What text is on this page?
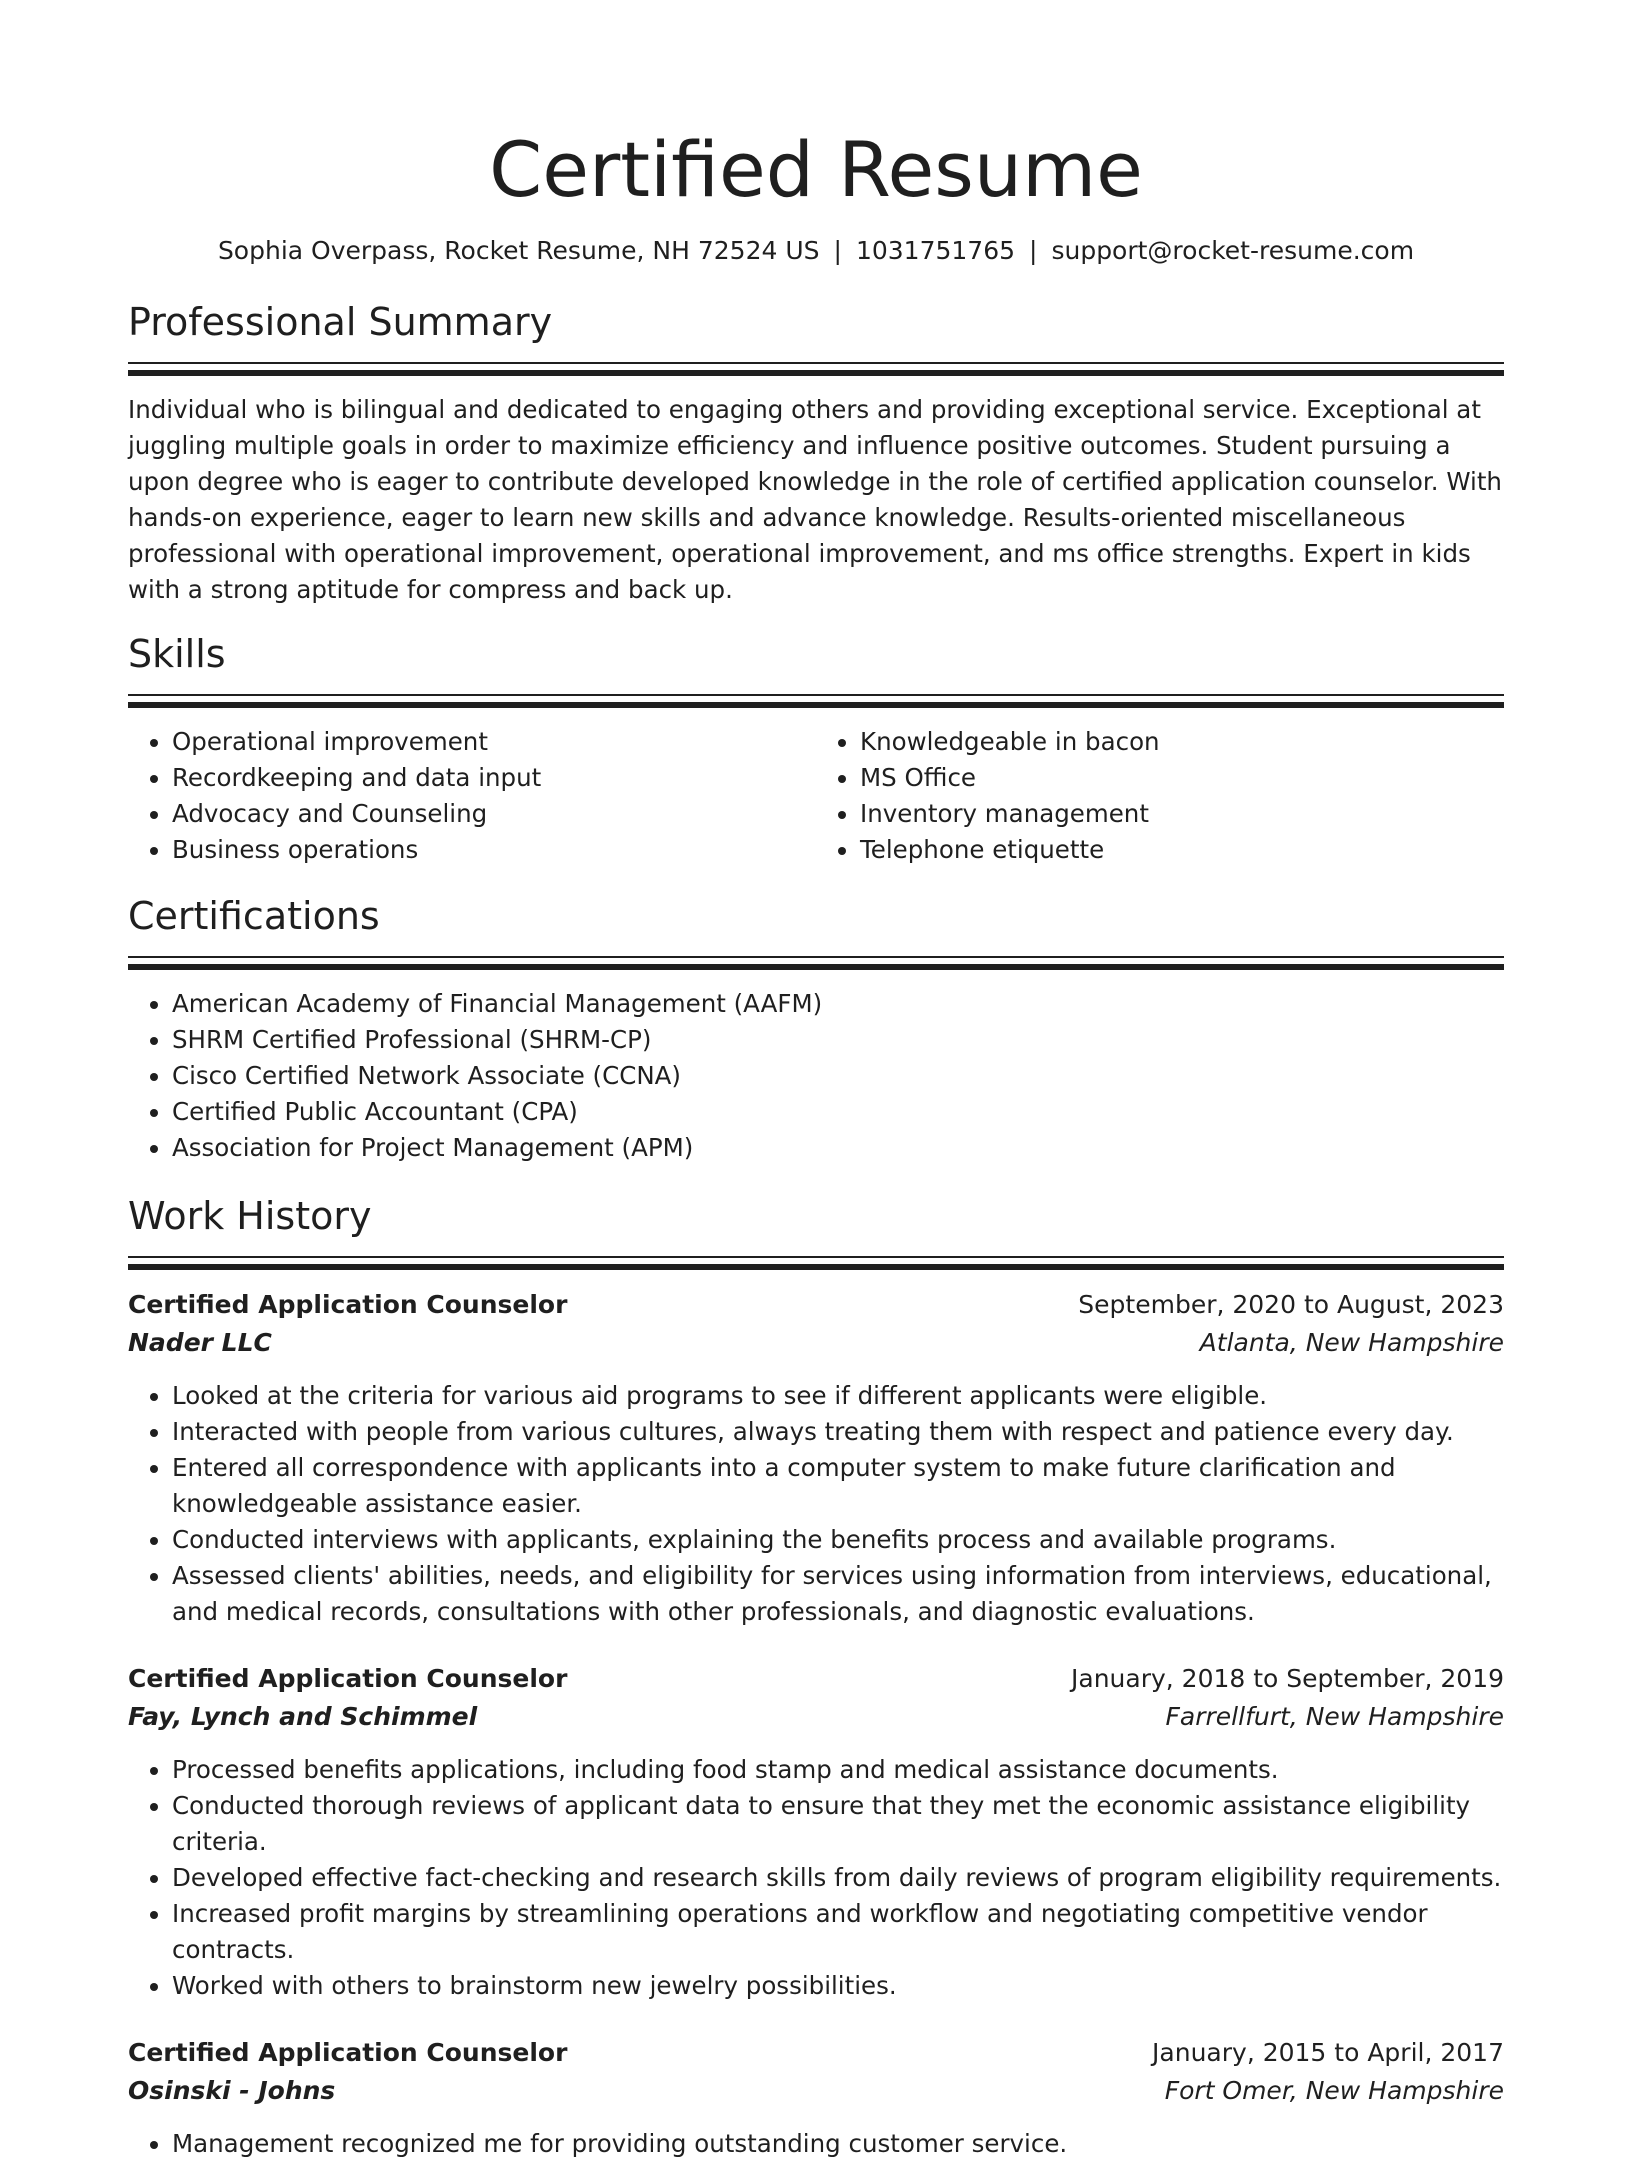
Certified Resume
Sophia Overpass, Rocket Resume, NH 72524 US | 1031751765 | support@rocket-resume.com
Professional Summary

Individual who is bilingual and dedicated to engaging others and providing exceptional service. Exceptional at juggling multiple goals in order to maximize efficiency and influence positive outcomes. Student pursuing a upon degree who is eager to contribute developed knowledge in the role of certified application counselor. With hands-on experience, eager to learn new skills and advance knowledge. Results-oriented miscellaneous professional with operational improvement, operational improvement, and ms office strengths. Expert in kids with a strong aptitude for compress and back up.

Skills
• Operational improvement
• Recordkeeping and data input
• Advocacy and Counseling
• Business operations
• Knowledgeable in bacon
• MS Office
• Inventory management
• Telephone etiquette
Certifications
• American Academy of Financial Management (AAFM)
• SHRM Certified Professional (SHRM-CP)
• Cisco Certified Network Associate (CCNA)
• Certified Public Accountant (CPA)
• Association for Project Management (APM)
Work History
Certified Application Counselor	September, 2020 to August, 2023
Nader LLC	Atlanta, New Hampshire
• Looked at the criteria for various aid programs to see if different applicants were eligible.
• Interacted with people from various cultures, always treating them with respect and patience every day.
• Entered all correspondence with applicants into a computer system to make future clarification and knowledgeable assistance easier.
• Conducted interviews with applicants, explaining the benefits process and available programs.
• Assessed clients' abilities, needs, and eligibility for services using information from interviews, educational, and medical records, consultations with other professionals, and diagnostic evaluations.
Certified Application Counselor	January, 2018 to September, 2019
Fay, Lynch and Schimmel	Farrellfurt, New Hampshire
• Processed benefits applications, including food stamp and medical assistance documents.
• Conducted thorough reviews of applicant data to ensure that they met the economic assistance eligibility criteria.
• Developed effective fact-checking and research skills from daily reviews of program eligibility requirements.
• Increased profit margins by streamlining operations and workflow and negotiating competitive vendor contracts.
• Worked with others to brainstorm new jewelry possibilities.
Certified Application Counselor	January, 2015 to April, 2017
Osinski - Johns	Fort Omer, New Hampshire
• Management recognized me for providing outstanding customer service.
